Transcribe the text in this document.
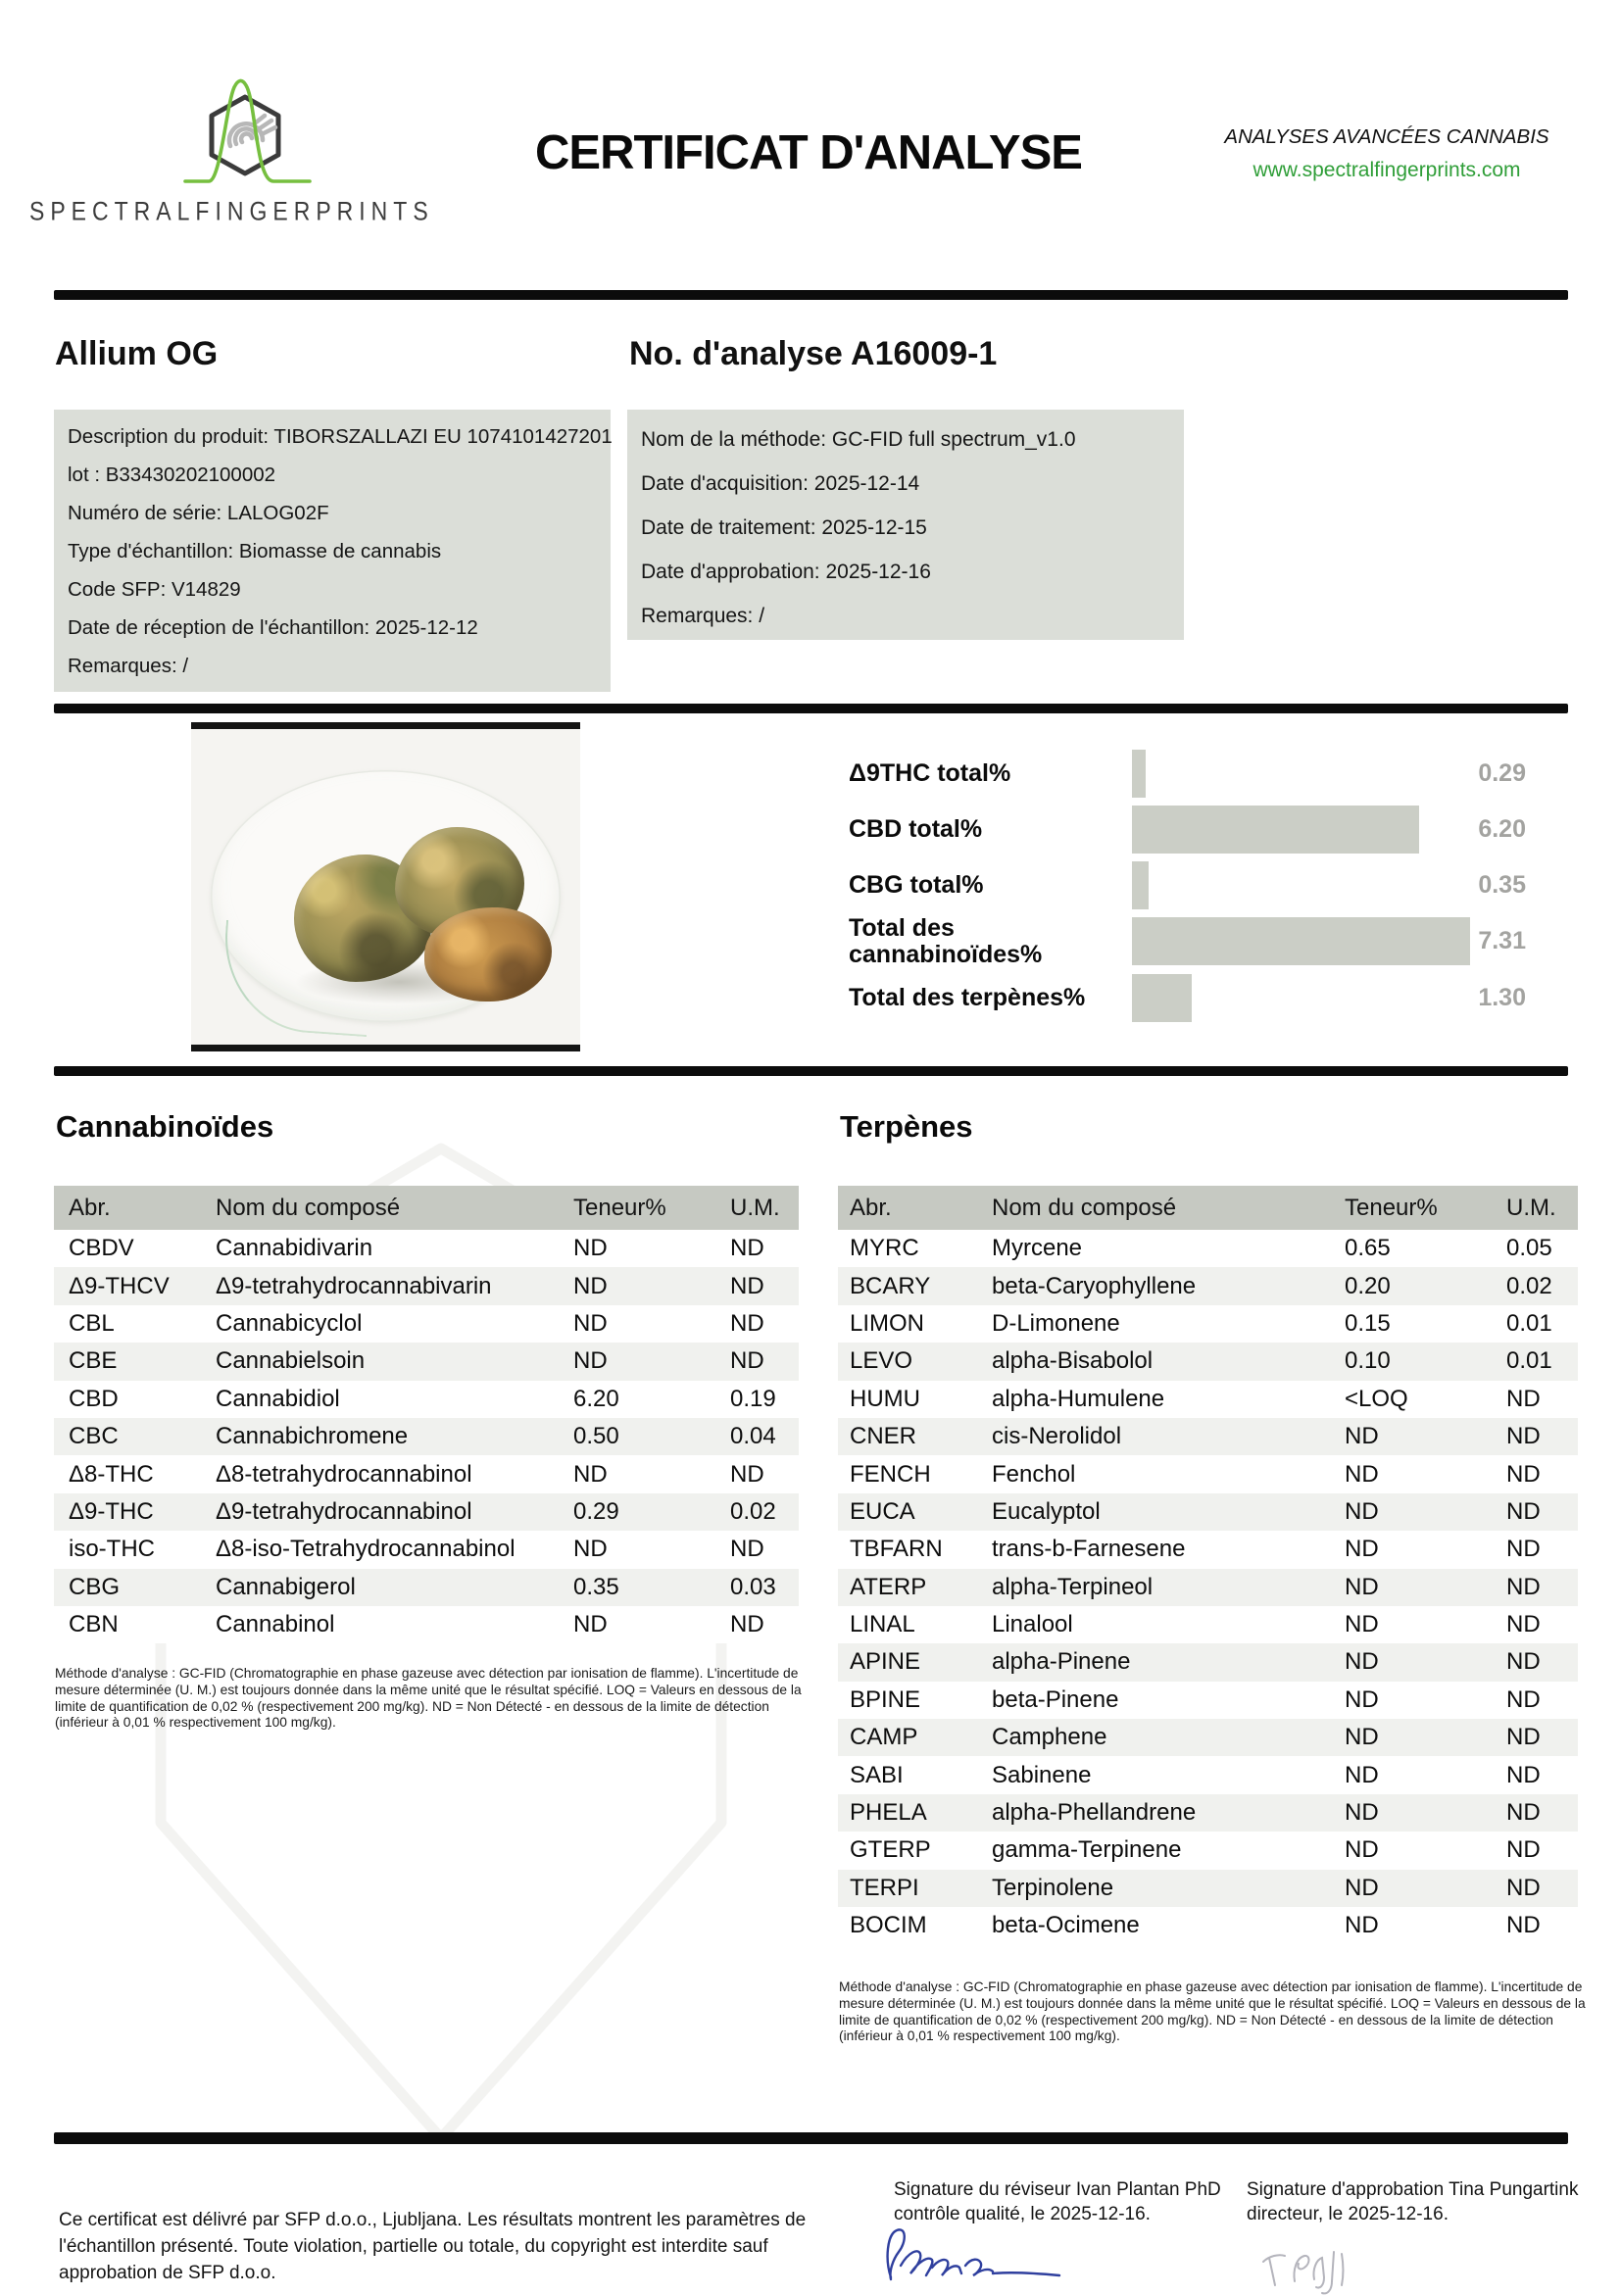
SPECTRALFINGERPRINTS
CERTIFICAT D'ANALYSE	ANALYSES AVANCÉES CANNABIS
www.spectralfingerprints.com
Allium OG	No. d'analyse A16009-1
Description du produit: TIBORSZALLAZI EU 1074101427201
lot : B33430202100002
Numéro de série: LALOG02F
Type d'échantillon: Biomasse de cannabis
Code SFP: V14829
Date de réception de l'échantillon: 2025-12-12
Remarques: /
Nom de la méthode: GC-FID full spectrum_v1.0
Date d'acquisition: 2025-12-14
Date de traitement: 2025-12-15
Date d'approbation: 2025-12-16
Remarques: /
Δ9THC total%	0.29
CBD total%	6.20
CBG total%	0.35
Total des cannabinoïdes%	7.31
Total des terpènes%	1.30
Cannabinoïdes	Terpènes
Abr.	Nom du composé	Teneur%	U.M.
CBDV	Cannabidivarin	ND	ND
Δ9-THCV	Δ9-tetrahydrocannabivarin	ND	ND
CBL	Cannabicyclol	ND	ND
CBE	Cannabielsoin	ND	ND
CBD	Cannabidiol	6.20	0.19
CBC	Cannabichromene	0.50	0.04
Δ8-THC	Δ8-tetrahydrocannabinol	ND	ND
Δ9-THC	Δ9-tetrahydrocannabinol	0.29	0.02
iso-THC	Δ8-iso-Tetrahydrocannabinol	ND	ND
CBG	Cannabigerol	0.35	0.03
CBN	Cannabinol	ND	ND
Abr.	Nom du composé	Teneur%	U.M.
MYRC	Myrcene	0.65	0.05
BCARY	beta-Caryophyllene	0.20	0.02
LIMON	D-Limonene	0.15	0.01
LEVO	alpha-Bisabolol	0.10	0.01
HUMU	alpha-Humulene	<LOQ	ND
CNER	cis-Nerolidol	ND	ND
FENCH	Fenchol	ND	ND
EUCA	Eucalyptol	ND	ND
TBFARN	trans-b-Farnesene	ND	ND
ATERP	alpha-Terpineol	ND	ND
LINAL	Linalool	ND	ND
APINE	alpha-Pinene	ND	ND
BPINE	beta-Pinene	ND	ND
CAMP	Camphene	ND	ND
SABI	Sabinene	ND	ND
PHELA	alpha-Phellandrene	ND	ND
GTERP	gamma-Terpinene	ND	ND
TERPI	Terpinolene	ND	ND
BOCIM	beta-Ocimene	ND	ND
Méthode d'analyse : GC-FID (Chromatographie en phase gazeuse avec détection par ionisation de flamme). L'incertitude de mesure déterminée (U. M.) est toujours donnée dans la même unité que le résultat spécifié. LOQ = Valeurs en dessous de la limite de quantification de 0,02 % (respectivement 200 mg/kg). ND = Non Détecté - en dessous de la limite de détection (inférieur à 0,01 % respectivement 100 mg/kg).
Méthode d'analyse : GC-FID (Chromatographie en phase gazeuse avec détection par ionisation de flamme). L'incertitude de mesure déterminée (U. M.) est toujours donnée dans la même unité que le résultat spécifié. LOQ = Valeurs en dessous de la limite de quantification de 0,02 % (respectivement 200 mg/kg). ND = Non Détecté - en dessous de la limite de détection (inférieur à 0,01 % respectivement 100 mg/kg).
Ce certificat est délivré par SFP d.o.o., Ljubljana. Les résultats montrent les paramètres de l'échantillon présenté. Toute violation, partielle ou totale, du copyright est interdite sauf approbation de SFP d.o.o.
Signature du réviseur Ivan Plantan PhD
contrôle qualité, le 2025-12-16.
Signature d'approbation Tina Pungartink
directeur, le 2025-12-16.
